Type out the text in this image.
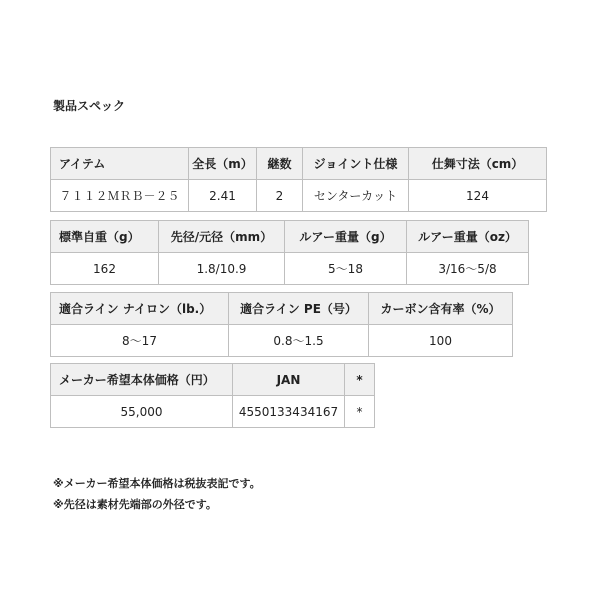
製品スペック
アイテム	全長（m）	継数	ジョイント仕様	仕舞寸法（cm）
７１１２ＭＲＢ－２５	2.41	2	センターカット	124
標準自重（g）	先径/元径（mm）	ルアー重量（g）	ルアー重量（oz）
162	1.8/10.9	5〜18	3/16〜5/8
適合ライン ナイロン（lb.）	適合ライン PE（号）	カーボン含有率（%）
8〜17	0.8〜1.5	100
メーカー希望本体価格（円）	JAN	*
55,000	4550133434167	*
※メーカー希望本体価格は税抜表記です。
※先径は素材先端部の外径です。
